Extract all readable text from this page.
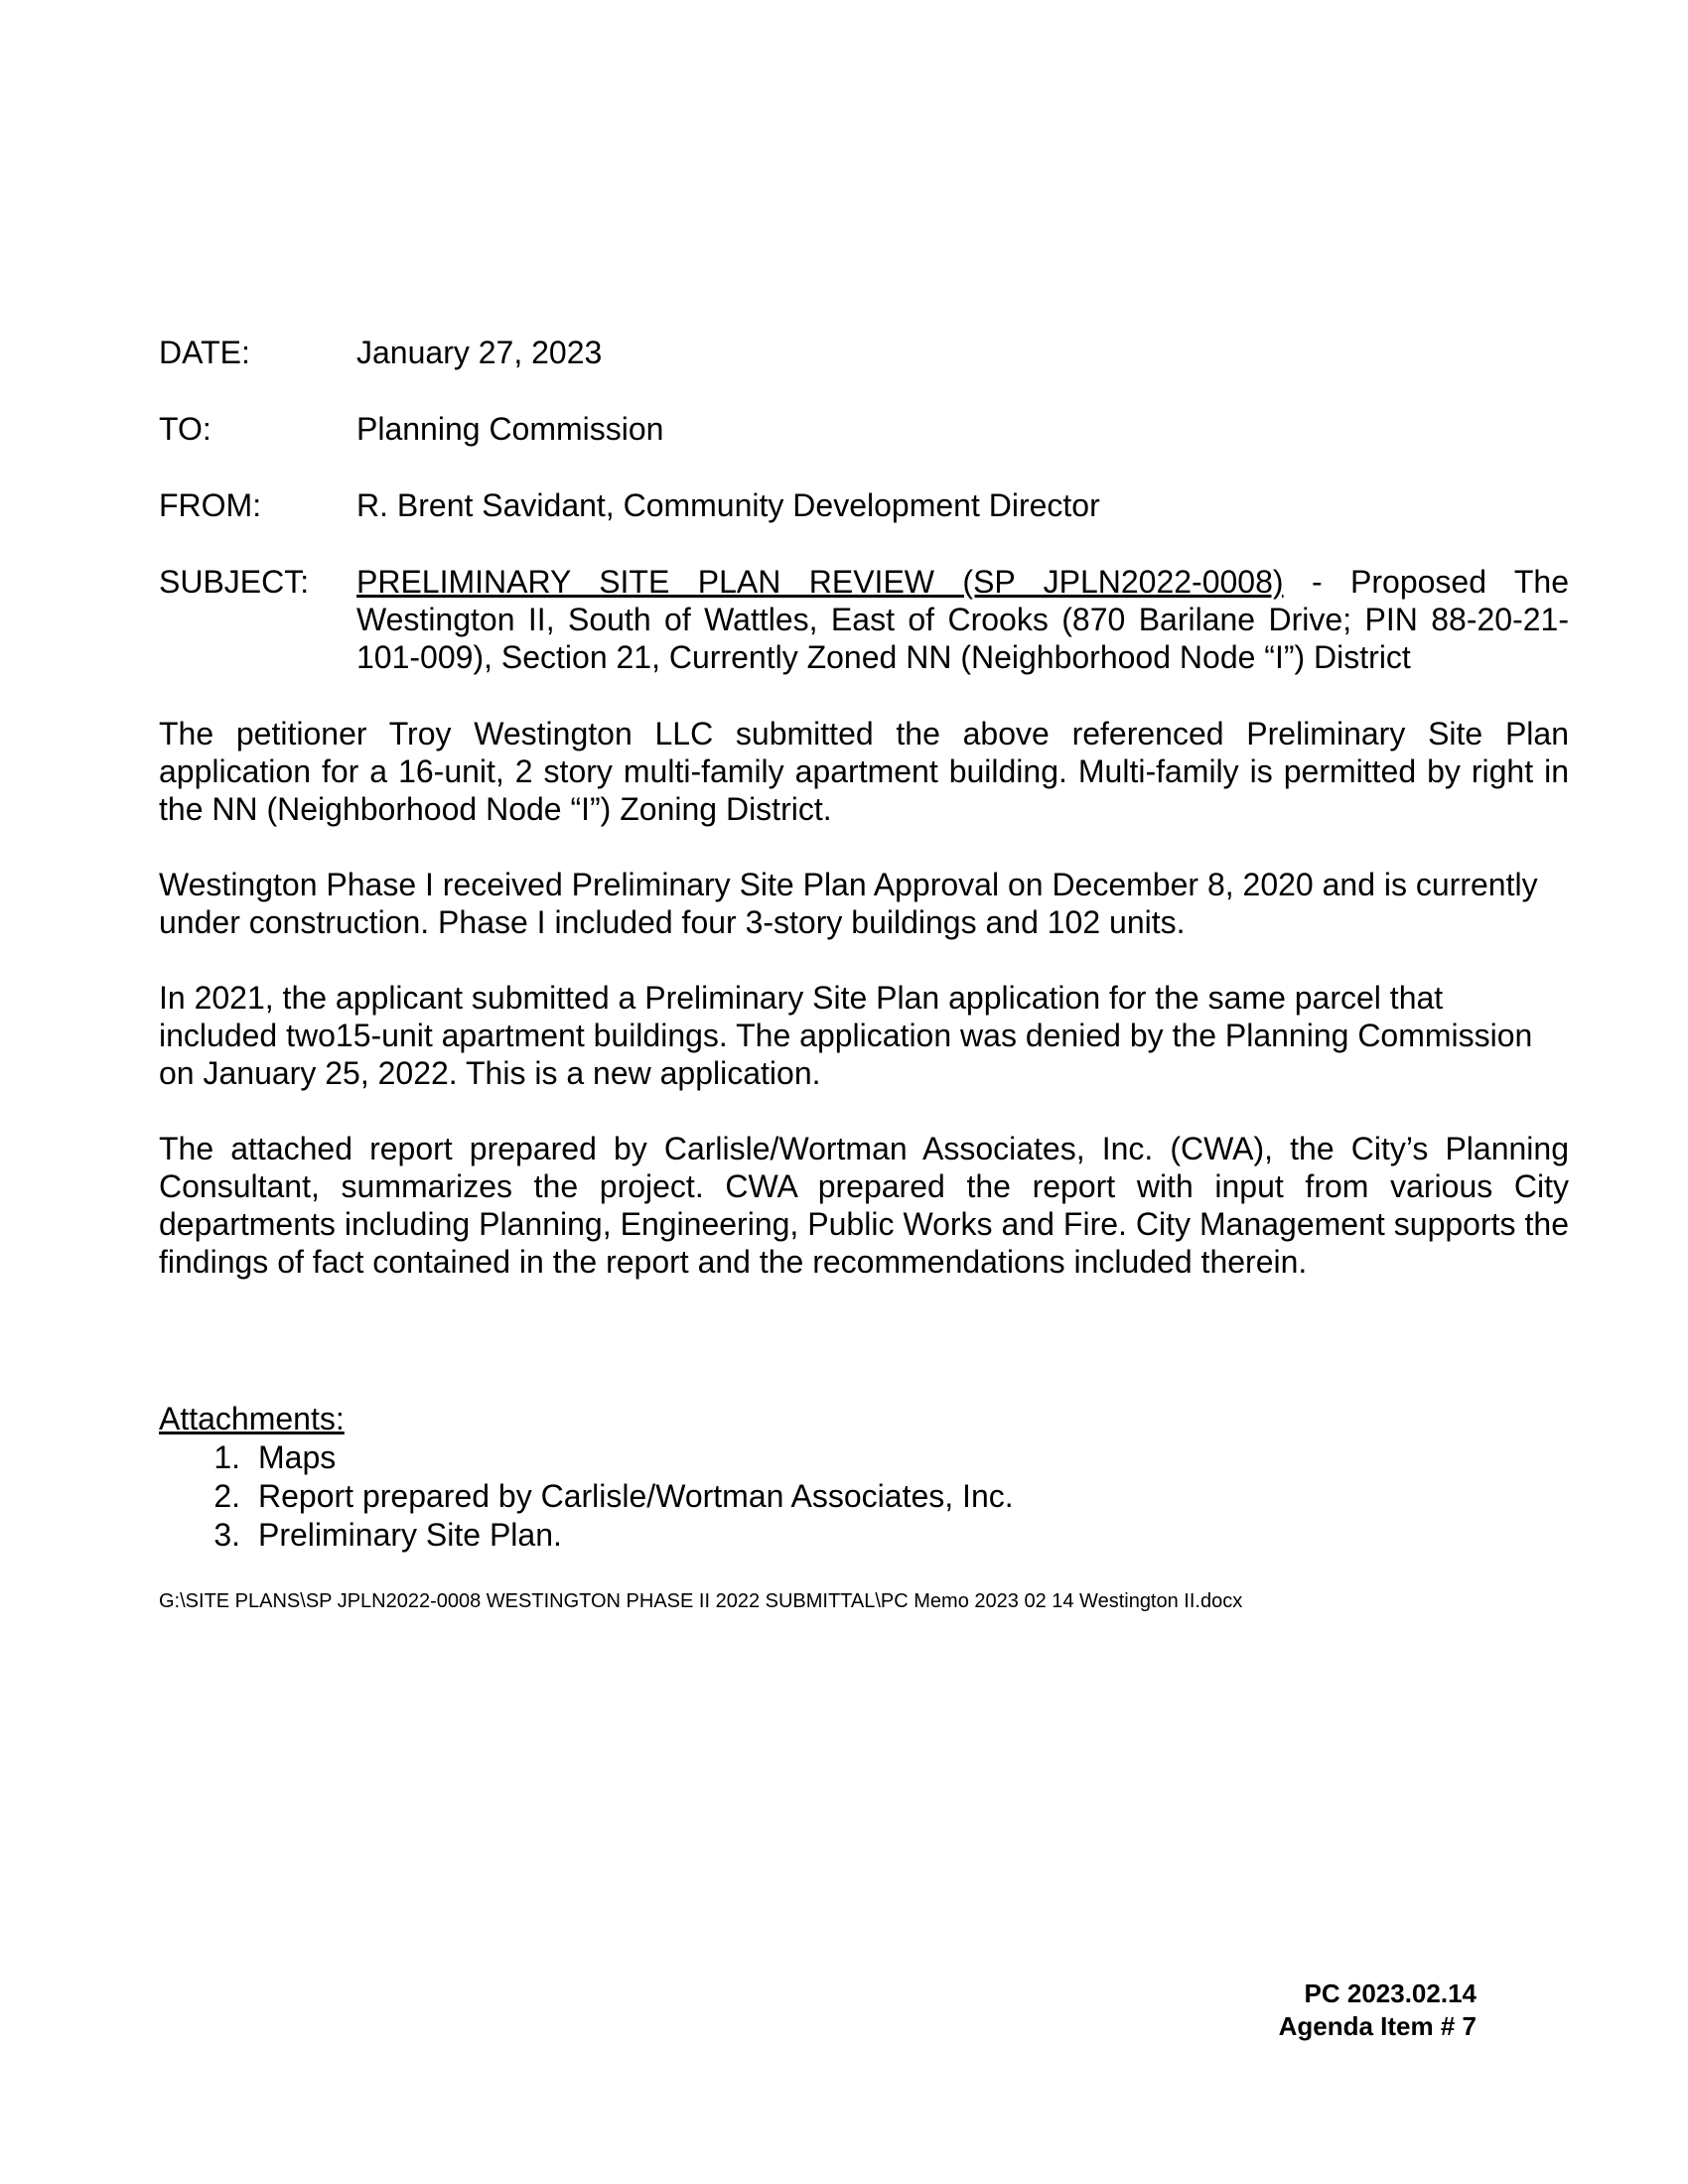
DATE:	January 27, 2023
TO:	Planning Commission
FROM:	R. Brent Savidant, Community Development Director
SUBJECT:	PRELIMINARY SITE PLAN REVIEW (SP JPLN2022-0008) - Proposed The Westington II, South of Wattles, East of Crooks (870 Barilane Drive; PIN 88-20-21-101-009), Section 21, Currently Zoned NN (Neighborhood Node “I”) District

The petitioner Troy Westington LLC submitted the above referenced Preliminary Site Plan application for a 16-unit, 2 story multi-family apartment building. Multi-family is permitted by right in the NN (Neighborhood Node “I”) Zoning District.

Westington Phase I received Preliminary Site Plan Approval on December 8, 2020 and is currently under construction. Phase I included four 3-story buildings and 102 units.

In 2021, the applicant submitted a Preliminary Site Plan application for the same parcel that included two15-unit apartment buildings. The application was denied by the Planning Commission on January 25, 2022. This is a new application.

The attached report prepared by Carlisle/Wortman Associates, Inc. (CWA), the City’s Planning Consultant, summarizes the project. CWA prepared the report with input from various City departments including Planning, Engineering, Public Works and Fire. City Management supports the findings of fact contained in the report and the recommendations included therein.

Attachments:
1. Maps
2. Report prepared by Carlisle/Wortman Associates, Inc.
3. Preliminary Site Plan.
G:\SITE PLANS\SP JPLN2022-0008 WESTINGTON PHASE II 2022 SUBMITTAL\PC Memo 2023 02 14 Westington II.docx
PC 2023.02.14
Agenda Item # 7
